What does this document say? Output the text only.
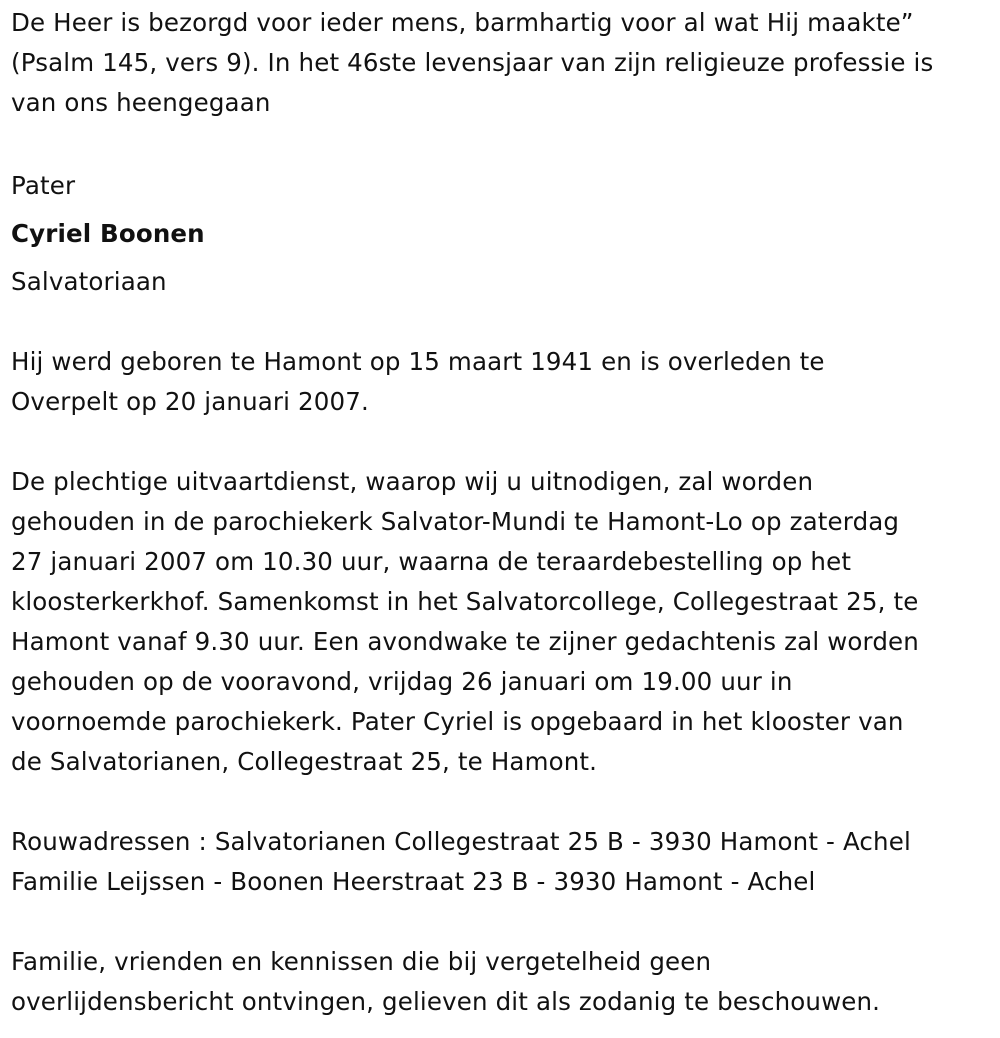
De Heer is bezorgd voor ieder mens, barmhartig voor al wat Hij maakte”
(Psalm 145, vers 9). In het 46ste levensjaar van zijn religieuze professie is
van ons heengegaan
Pater
Cyriel Boonen
Salvatoriaan
Hij werd geboren te Hamont op 15 maart 1941 en is overleden te
Overpelt op 20 januari 2007.
De plechtige uitvaartdienst, waarop wij u uitnodigen, zal worden
gehouden in de parochiekerk Salvator-Mundi te Hamont-Lo op zaterdag
27 januari 2007 om 10.30 uur, waarna de teraardebestelling op het
kloosterkerkhof. Samenkomst in het Salvatorcollege, Collegestraat 25, te
Hamont vanaf 9.30 uur. Een avondwake te zijner gedachtenis zal worden
gehouden op de vooravond, vrijdag 26 januari om 19.00 uur in
voornoemde parochiekerk. Pater Cyriel is opgebaard in het klooster van
de Salvatorianen, Collegestraat 25, te Hamont.
Rouwadressen : Salvatorianen Collegestraat 25 B - 3930 Hamont - Achel
Familie Leijssen - Boonen Heerstraat 23 B - 3930 Hamont - Achel
Familie, vrienden en kennissen die bij vergetelheid geen
overlijdensbericht ontvingen, gelieven dit als zodanig te beschouwen.
